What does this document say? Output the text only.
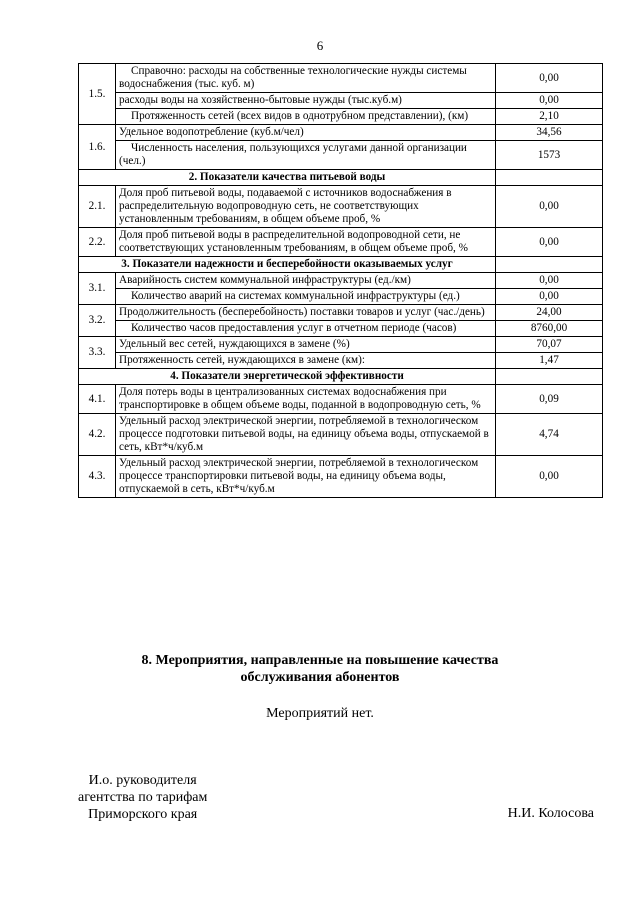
6
1.5.	Справочно: расходы на собственные технологические нужды системы водоснабжения (тыс. куб. м)	0,00
	расходы воды на хозяйственно-бытовые нужды (тыс.куб.м)	0,00
	Протяженность сетей (всех видов в однотрубном представлении), (км)	2,10
1.6.	Удельное водопотребление (куб.м/чел)	34,56
	Численность населения, пользующихся услугами данной организации (чел.)	1573
2. Показатели качества питьевой воды		
2.1.	Доля проб питьевой воды, подаваемой с источников водоснабжения в распределительную водопроводную сеть, не соответствующих установленным требованиям, в общем объеме проб, %	0,00
2.2.	Доля проб питьевой воды в распределительной водопроводной сети, не соответствующих установленным требованиям, в общем объеме проб, %	0,00
3. Показатели надежности и бесперебойности оказываемых услуг		
3.1.	Аварийность систем коммунальной инфраструктуры (ед./км)	0,00
	Количество аварий на системах коммунальной инфраструктуры (ед.)	0,00
3.2.	Продолжительность (бесперебойность) поставки товаров и услуг (час./день)	24,00
	Количество часов предоставления услуг в отчетном периоде (часов)	8760,00
3.3.	Удельный вес сетей, нуждающихся в замене (%)	70,07
	Протяженность сетей, нуждающихся в замене (км):	1,47
4. Показатели энергетической эффективности		
4.1.	Доля потерь воды в централизованных системах водоснабжения при транспортировке в общем объеме воды, поданной в водопроводную сеть, %	0,09
4.2.	Удельный расход электрической энергии, потребляемой в технологическом процессе подготовки питьевой воды, на единицу объема воды, отпускаемой в сеть, кВт*ч/куб.м	4,74
4.3.	Удельный расход электрической энергии, потребляемой в технологическом процессе транспортировки питьевой воды, на единицу объема воды, отпускаемой в сеть, кВт*ч/куб.м	0,00
8. Мероприятия, направленные на повышение качества
обслуживания абонентов
Мероприятий нет.
И.о. руководителя
агентства по тарифам
Приморского края	Н.И. Колосова
